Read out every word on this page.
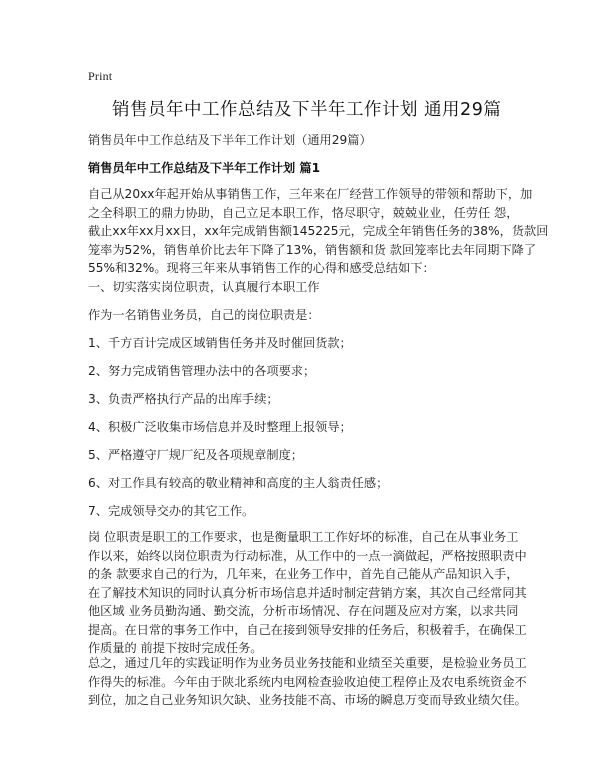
Print
销售员年中工作总结及下半年工作计划 通用29篇
销售员年中工作总结及下半年工作计划（通用29篇）
销售员年中工作总结及下半年工作计划 篇1

自己从20xx年起开始从事销售工作，三年来在厂经营工作领导的带领和帮助下，加
之全科职工的鼎力协助，自己立足本职工作，恪尽职守，兢兢业业，任劳任 怨，
截止xx年xx月xx日，xx年完成销售额145225元，完成全年销售任务的38%，货款回
笼率为52%，销售单价比去年下降了13%，销售额和货 款回笼率比去年同期下降了
55%和32%。现将三年来从事销售工作的心得和感受总结如下：

一、切实落实岗位职责，认真履行本职工作
作为一名销售业务员，自己的岗位职责是：
1、千方百计完成区域销售任务并及时催回货款；
2、努力完成销售管理办法中的各项要求；
3、负责严格执行产品的出库手续；
4、积极广泛收集市场信息并及时整理上报领导；
5、严格遵守厂规厂纪及各项规章制度；
6、对工作具有较高的敬业精神和高度的主人翁责任感；
7、完成领导交办的其它工作。

岗 位职责是职工的工作要求，也是衡量职工工作好坏的标准，自己在从事业务工
作以来，始终以岗位职责为行动标准，从工作中的一点一滴做起，严格按照职责中
的条 款要求自己的行为，几年来，在业务工作中，首先自己能从产品知识入手，
在了解技术知识的同时认真分析市场信息并适时制定营销方案，其次自己经常同其
他区域 业务员勤沟通、勤交流，分析市场情况、存在问题及应对方案，以求共同
提高。在日常的事务工作中，自己在接到领导安排的任务后，积极着手，在确保工
作质量的 前提下按时完成任务。

总之，通过几年的实践证明作为业务员业务技能和业绩至关重要，是检验业务员工
作得失的标准。今年由于陕北系统内电网检查验收迫使工程停止及农电系统资金不
到位，加之自己业务知识欠缺、业务技能不高、市场的瞬息万变而导致业绩欠佳。
